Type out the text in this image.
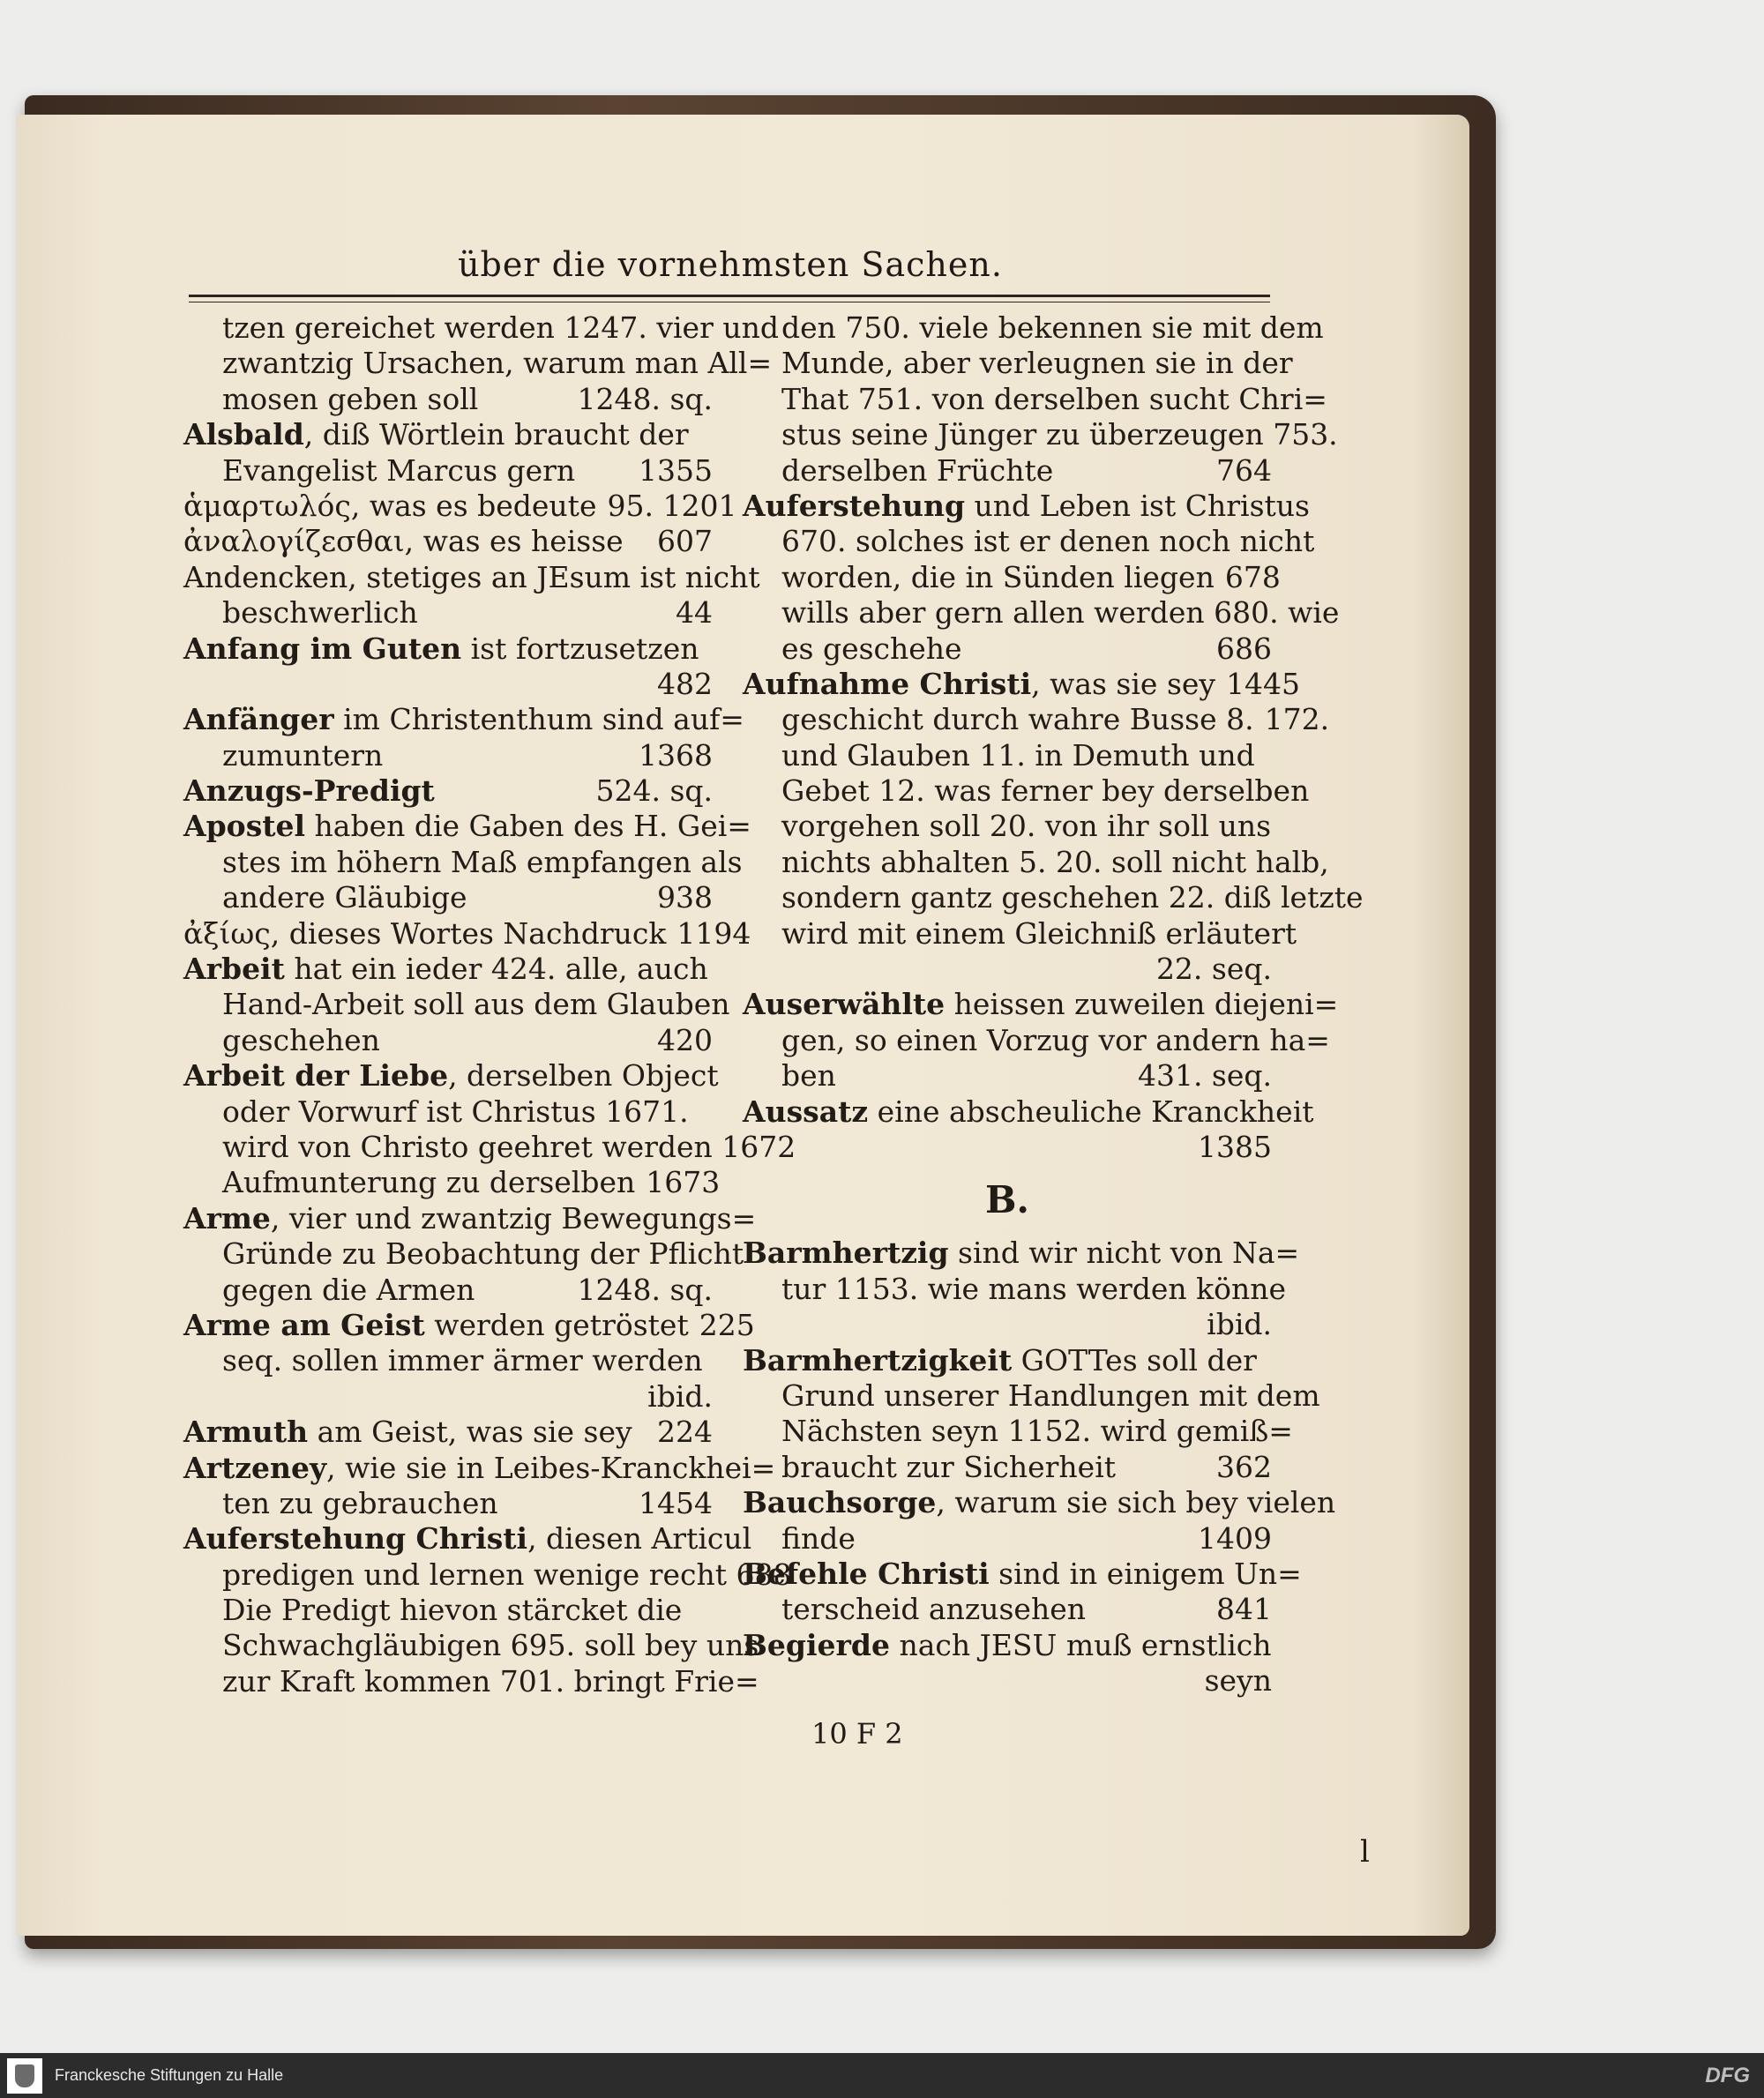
über die vornehmsten Sachen.
tzen gereichet werden 1247. vier und
zwantzig Ursachen, warum man All=
mosen geben soll	1248. sq.
Alsbald, diß Wörtlein braucht der
Evangelist Marcus gern	1355
ἁμαρτωλός, was es bedeute 95. 1201
ἀναλογίζεσθαι, was es heisse	607
Andencken, stetiges an JEsum ist nicht
beschwerlich	44
Anfang im Guten ist fortzusetzen
482
Anfänger im Christenthum sind auf=
zumuntern	1368
Anzugs-Predigt	524. sq.
Apostel haben die Gaben des H. Gei=
stes im höhern Maß empfangen als
andere Gläubige	938
ἀξίως, dieses Wortes Nachdruck 1194
Arbeit hat ein ieder 424. alle, auch
Hand-Arbeit soll aus dem Glauben
geschehen	420
Arbeit der Liebe, derselben Object
oder Vorwurf ist Christus 1671.
wird von Christo geehret werden 1672
Aufmunterung zu derselben 1673
Arme, vier und zwantzig Bewegungs=
Gründe zu Beobachtung der Pflicht
gegen die Armen	1248. sq.
Arme am Geist werden getröstet 225
seq. sollen immer ärmer werden
ibid.
Armuth am Geist, was sie sey 224
Artzeney, wie sie in Leibes-Kranckhei=
ten zu gebrauchen	1454
Auferstehung Christi, diesen Articul
predigen und lernen wenige recht 688
Die Predigt hievon stärcket die
Schwachgläubigen 695. soll bey uns
zur Kraft kommen 701. bringt Frie=
den 750. viele bekennen sie mit dem
Munde, aber verleugnen sie in der
That 751. von derselben sucht Chri=
stus seine Jünger zu überzeugen 753.
derselben Früchte	764
Auferstehung und Leben ist Christus
670. solches ist er denen noch nicht
worden, die in Sünden liegen 678
wills aber gern allen werden 680. wie
es geschehe	686
Aufnahme Christi, was sie sey 1445
geschicht durch wahre Busse 8. 172.
und Glauben 11. in Demuth und
Gebet 12. was ferner bey derselben
vorgehen soll 20. von ihr soll uns
nichts abhalten 5. 20. soll nicht halb,
sondern gantz geschehen 22. diß letzte
wird mit einem Gleichniß erläutert
22. seq.
Auserwählte heissen zuweilen diejeni=
gen, so einen Vorzug vor andern ha=
ben	431. seq.
Aussatz eine abscheuliche Kranckheit
1385
B.
Barmhertzig sind wir nicht von Na=
tur 1153. wie mans werden könne
ibid.
Barmhertzigkeit GOTTes soll der
Grund unserer Handlungen mit dem
Nächsten seyn 1152. wird gemiß=
braucht zur Sicherheit	362
Bauchsorge, warum sie sich bey vielen
finde	1409
Befehle Christi sind in einigem Un=
terscheid anzusehen	841
Begierde nach JESU muß ernstlich
seyn
10 F 2
l
Franckesche Stiftungen zu Halle	DFG
